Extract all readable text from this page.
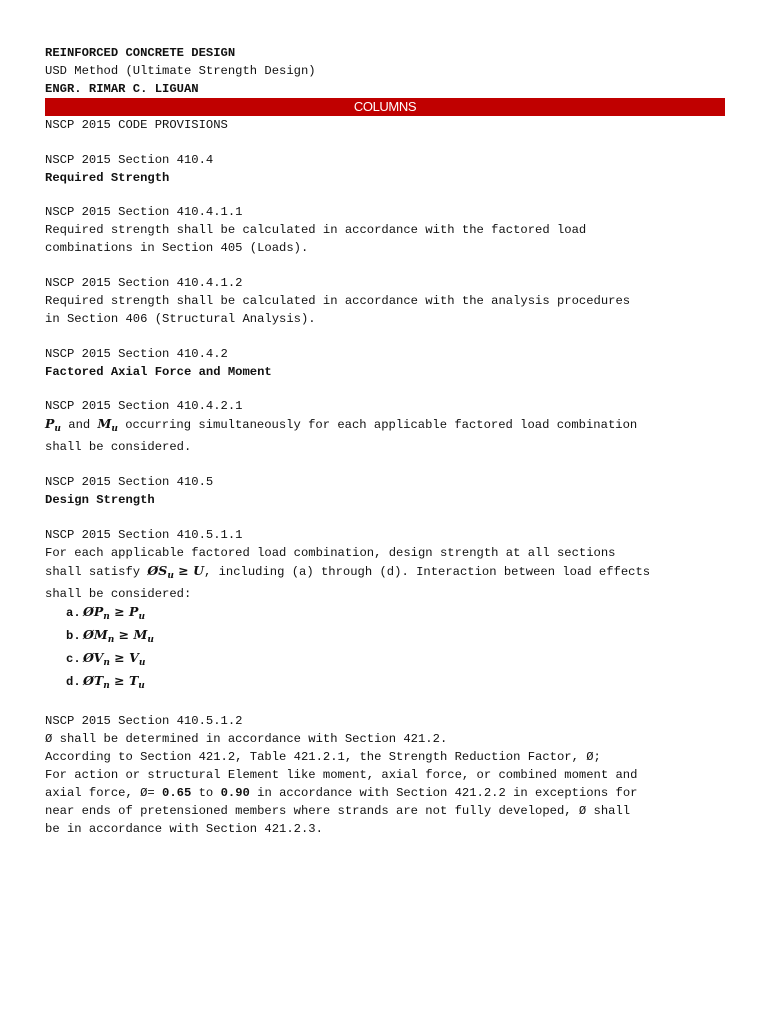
REINFORCED CONCRETE DESIGN
USD Method (Ultimate Strength Design)
ENGR. RIMAR C. LIGUAN
COLUMNS
NSCP 2015 CODE PROVISIONS
NSCP 2015 Section 410.4
Required Strength
NSCP 2015 Section 410.4.1.1
Required strength shall be calculated in accordance with the factored load
combinations in Section 405 (Loads).
NSCP 2015 Section 410.4.1.2
Required strength shall be calculated in accordance with the analysis procedures
in Section 406 (Structural Analysis).
NSCP 2015 Section 410.4.2
Factored Axial Force and Moment
NSCP 2015 Section 410.4.2.1
$P_u$ and $M_u$ occurring simultaneously for each applicable factored load combination
shall be considered.
NSCP 2015 Section 410.5
Design Strength
NSCP 2015 Section 410.5.1.1
For each applicable factored load combination, design strength at all sections
shall satisfy $ØS_u \ge U$, including (a) through (d). Interaction between load effects
shall be considered:
a. $ØP_n \ge P_u$
b. $ØM_n \ge M_u$
c. $ØV_n \ge V_u$
d. $ØT_n \ge T_u$
NSCP 2015 Section 410.5.1.2
Ø shall be determined in accordance with Section 421.2.
According to Section 421.2, Table 421.2.1, the Strength Reduction Factor, Ø;
For action or structural Element like moment, axial force, or combined moment and
axial force, Ø= 0.65 to 0.90 in accordance with Section 421.2.2 in exceptions for
near ends of pretensioned members where strands are not fully developed, Ø shall
be in accordance with Section 421.2.3.
